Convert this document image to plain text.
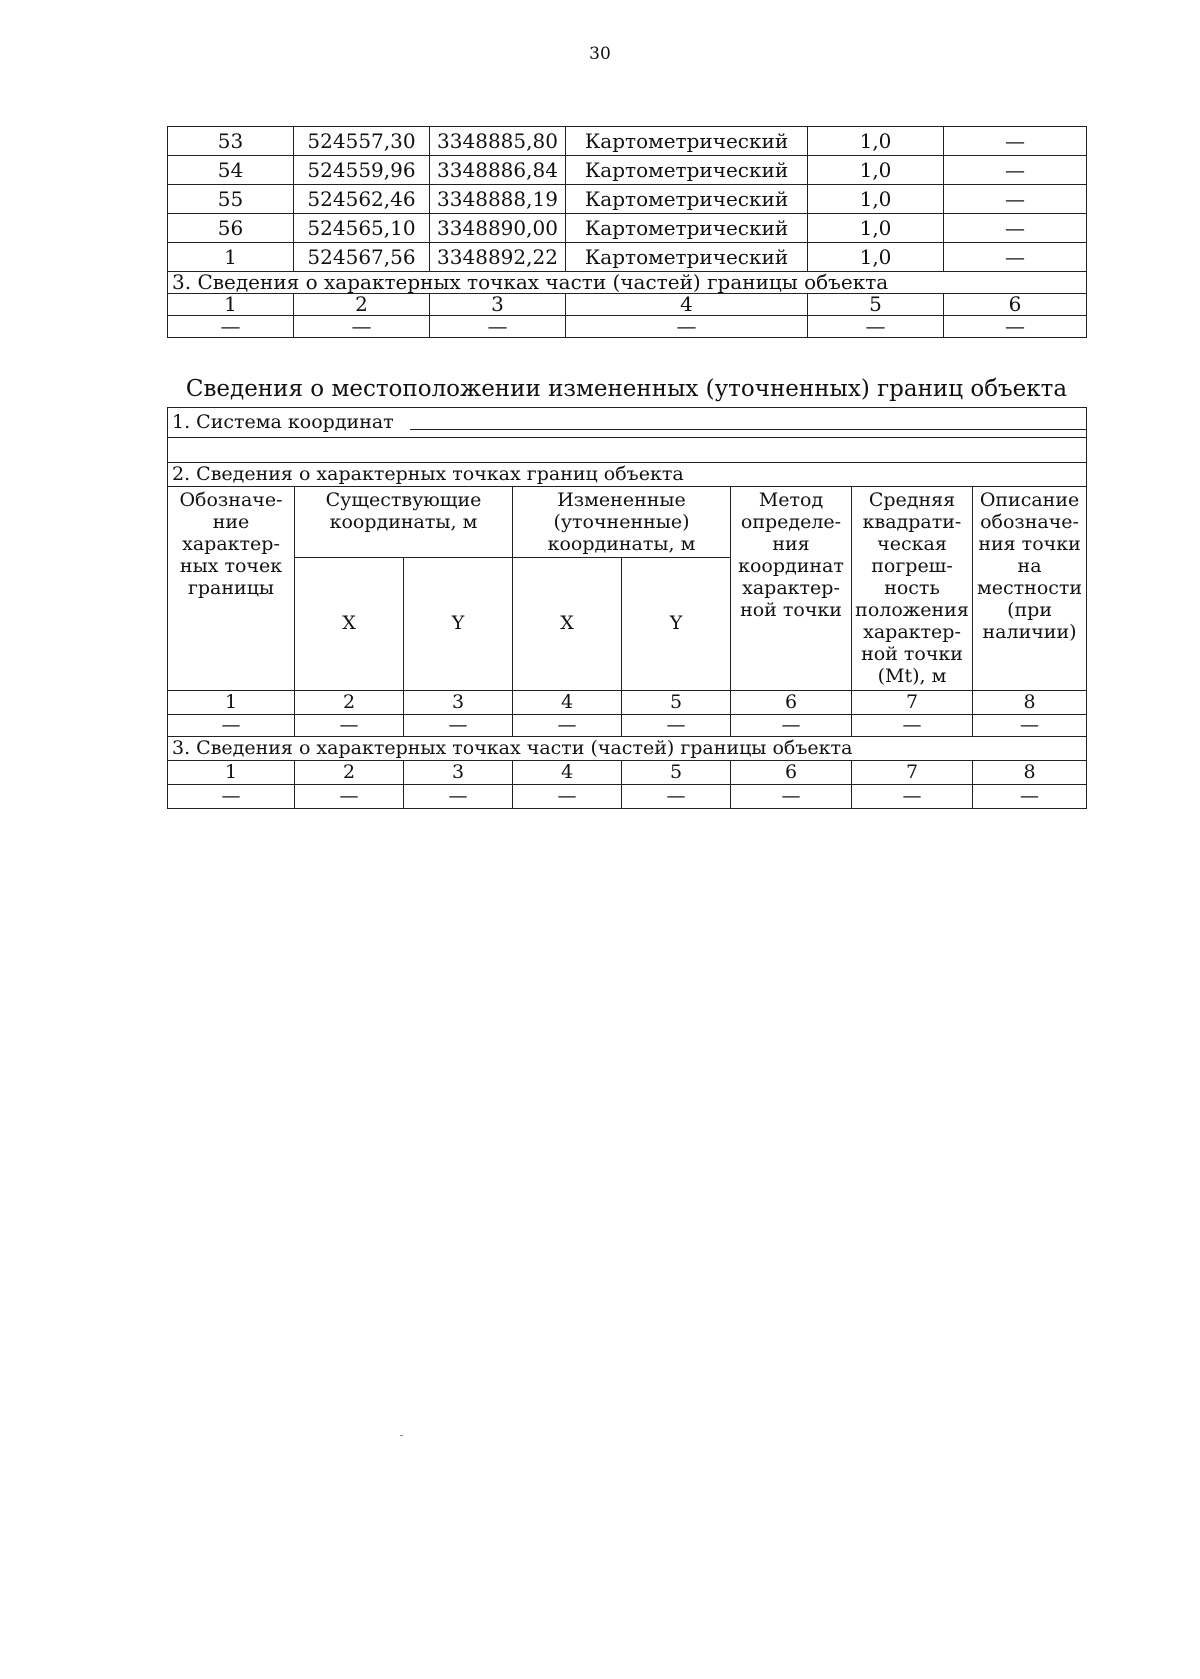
30
53	524557,30	3348885,80	Картометрический	1,0	—
54	524559,96	3348886,84	Картометрический	1,0	—
55	524562,46	3348888,19	Картометрический	1,0	—
56	524565,10	3348890,00	Картометрический	1,0	—
1	524567,56	3348892,22	Картометрический	1,0	—
3. Сведения о характерных точках части (частей) границы объекта					
1	2	3	4	5	6
—	—	—	—	—	—
Сведения о местоположении измененных (уточненных) границ объекта
1. Система координат							

2. Сведения о характерных точках границ объекта							
Обозначе-ние характер-ных точек границы	Существующие координаты, м		Измененные (уточненные) координаты, м		Метод определе-ния координат характер-ной точки	Средняя квадрати-ческая погреш-ность положения характер-ной точки (Mt), м	Описание обозначе-ния точки на местности (при наличии)
	X	Y	X	Y			
1	2	3	4	5	6	7	8
—	—	—	—	—	—	—	—
3. Сведения о характерных точках части (частей) границы объекта							
1	2	3	4	5	6	7	8
—	—	—	—	—	—	—	—
